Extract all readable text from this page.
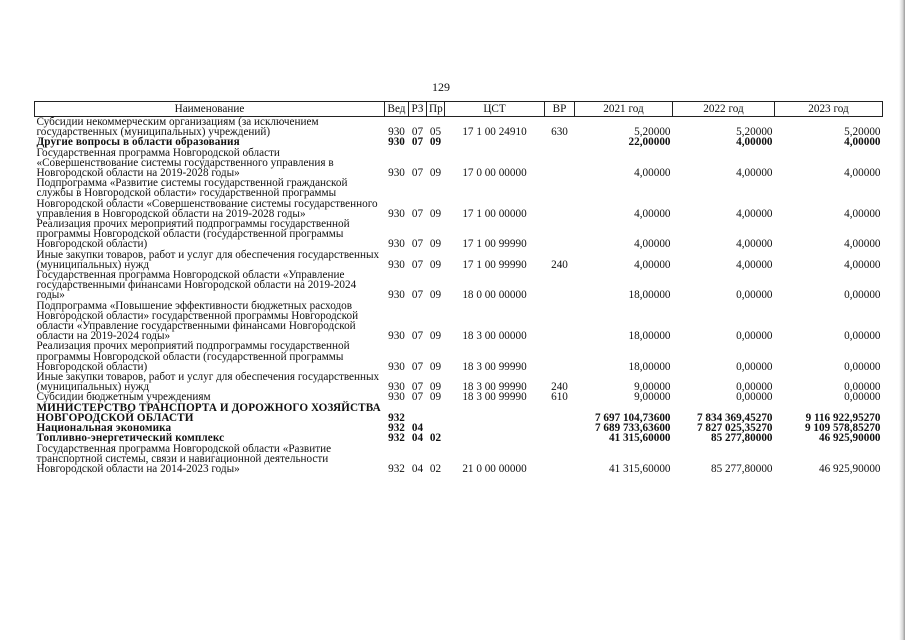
129
Наименование	Вед	РЗ	Пр	ЦСТ	ВР	2021 год	2022 год	2023 год
Субсидии некоммерческим организациям (за исключением государственных (муниципальных) учреждений)	930	07	05	17 1 00 24910	630	5,20000	5,20000	5,20000
Другие вопросы в области образования	930	07	09			22,00000	4,00000	4,00000
Государственная программа Новгородской области «Совершенствование системы государственного управления в Новгородской области на 2019-2028 годы»	930	07	09	17 0 00 00000		4,00000	4,00000	4,00000
Подпрограмма «Развитие системы государственной гражданской службы в Новгородской области» государственной программы Новгородской области «Совершенствование системы государственного управления в Новгородской области на 2019-2028 годы»	930	07	09	17 1 00 00000		4,00000	4,00000	4,00000
Реализация прочих мероприятий подпрограммы государственной программы Новгородской области (государственной программы Новгородской области)	930	07	09	17 1 00 99990		4,00000	4,00000	4,00000
Иные закупки товаров, работ и услуг для обеспечения государственных (муниципальных) нужд	930	07	09	17 1 00 99990	240	4,00000	4,00000	4,00000
Государственная программа Новгородской области «Управление государственными финансами Новгородской области на 2019-2024 годы»	930	07	09	18 0 00 00000		18,00000	0,00000	0,00000
Подпрограмма «Повышение эффективности бюджетных расходов Новгородской области» государственной программы Новгородской области «Управление государственными финансами Новгородской области на 2019-2024 годы»	930	07	09	18 3 00 00000		18,00000	0,00000	0,00000
Реализация прочих мероприятий подпрограммы государственной программы Новгородской области (государственной программы Новгородской области)	930	07	09	18 3 00 99990		18,00000	0,00000	0,00000
Иные закупки товаров, работ и услуг для обеспечения государственных (муниципальных) нужд	930	07	09	18 3 00 99990	240	9,00000	0,00000	0,00000
Субсидии бюджетным учреждениям	930	07	09	18 3 00 99990	610	9,00000	0,00000	0,00000
МИНИСТЕРСТВО ТРАНСПОРТА И ДОРОЖНОГО ХОЗЯЙСТВА НОВГОРОДСКОЙ ОБЛАСТИ	932					7 697 104,73600	7 834 369,45270	9 116 922,95270
Национальная экономика	932	04				7 689 733,63600	7 827 025,35270	9 109 578,85270
Топливно-энергетический комплекс	932	04	02			41 315,60000	85 277,80000	46 925,90000
Государственная программа Новгородской области «Развитие транспортной системы, связи и навигационной деятельности Новгородской области на 2014-2023 годы»	932	04	02	21 0 00 00000		41 315,60000	85 277,80000	46 925,90000
